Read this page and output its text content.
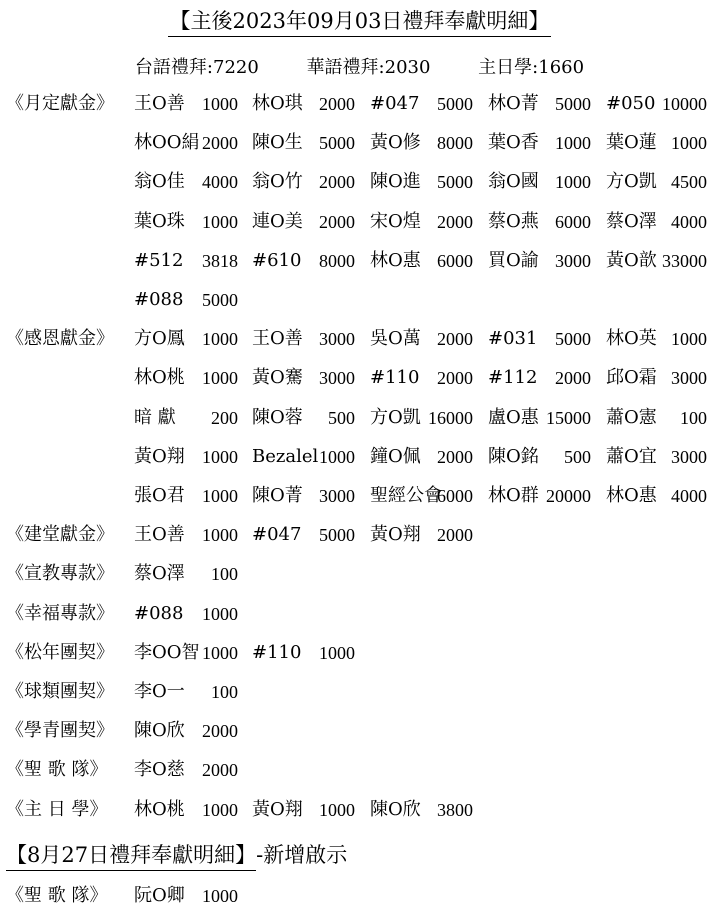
【主後2023年09月03日禮拜奉獻明細】
台語禮拜:7220	華語禮拜:2030	主日學:1660
《月定獻金》 王O善 1000 林O琪 2000 #047 5000 林O菁 5000 #050 10000
林OO絹 2000 陳O生 5000 黃O修 8000 葉O香 1000 葉O蓮 1000
翁O佳 4000 翁O竹 2000 陳O進 5000 翁O國 1000 方O凱 4500
葉O珠 1000 連O美 2000 宋O煌 2000 蔡O燕 6000 蔡O澤 4000
#512 3818 #610 8000 林O惠 6000 買O諭 3000 黃O歆 33000
#088 5000
《感恩獻金》 方O鳳 1000 王O善 3000 吳O萬 2000 #031 5000 林O英 1000
林O桃 1000 黃O騫 3000 #110 2000 #112 2000 邱O霜 3000
暗 獻 200 陳O蓉 500 方O凱 16000 盧O惠 15000 蕭O憲 100
黃O翔 1000 Bezalel 1000 鐘O佩 2000 陳O銘 500 蕭O宜 3000
張O君 1000 陳O菁 3000 聖經公會
6000 林O群 20000 林O惠 4000
《建堂獻金》 王O善 1000 #047 5000 黃O翔 2000
《宣教專款》 蔡O澤 100
《幸福專款》 #088 1000
《松年團契》 李OO智 1000 #110 1000
《球類團契》 李O一 100
《學青團契》 陳O欣 2000
《聖 歌 隊》 李O慈 2000
《主 日 學》 林O桃 1000 黃O翔 1000 陳O欣 3800
【8月27日禮拜奉獻明細】-新增啟示
《聖 歌 隊》 阮O卿 1000
